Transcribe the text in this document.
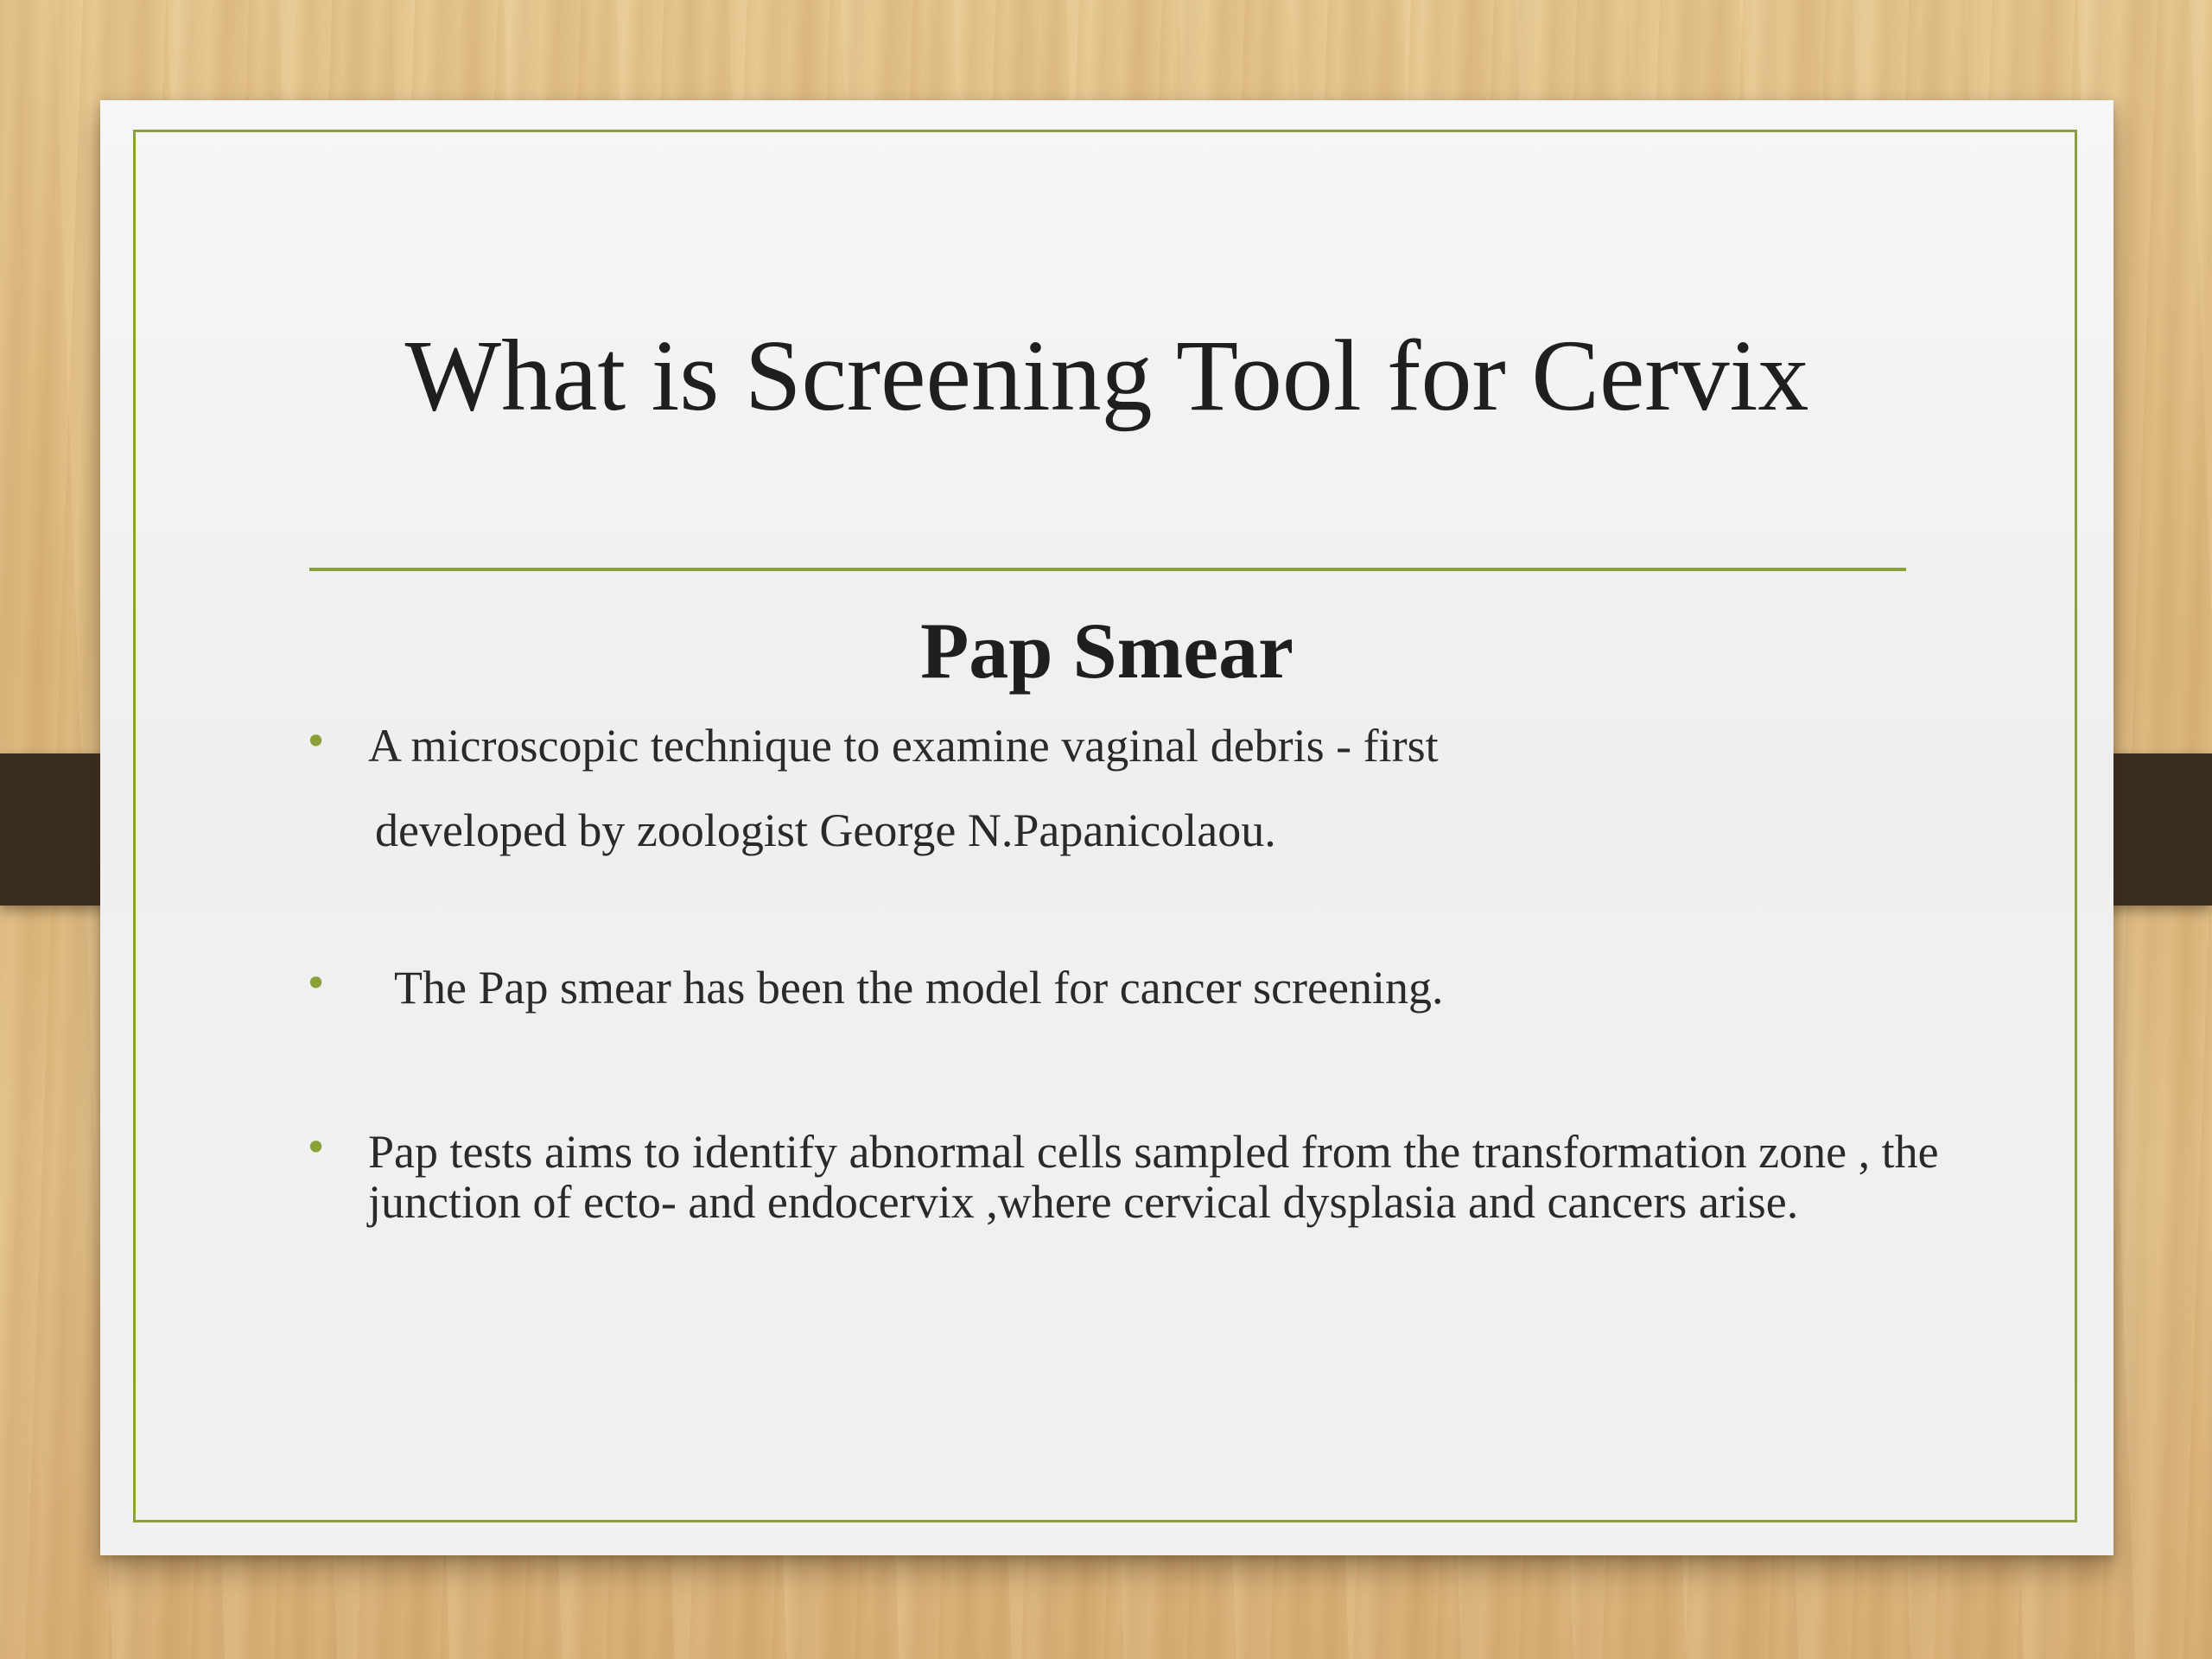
What is Screening Tool for Cervix
Pap Smear
• A microscopic technique to examine vaginal debris - first
developed by zoologist George N.Papanicolaou.
• The Pap smear has been the model for cancer screening.
• Pap tests aims to identify abnormal cells sampled from the transformation zone , the junction of ecto- and endocervix ,where cervical dysplasia and cancers arise.
